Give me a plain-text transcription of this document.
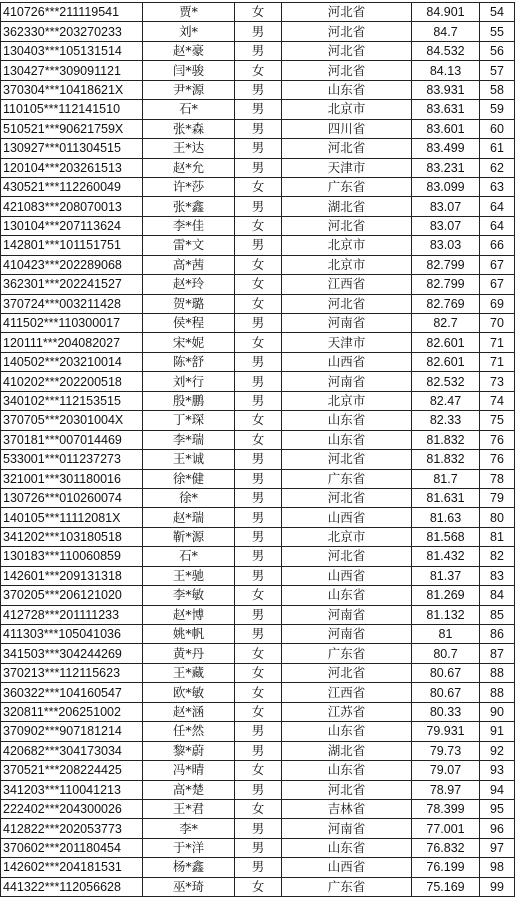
410726***211119541	贾*	女	河北省	84.901	54
362330***203270233	刘*	男	河北省	84.7	55
130403***105131514	赵*豪	男	河北省	84.532	56
130427***309091121	闫*骏	女	河北省	84.13	57
370304***10418621X	尹*源	男	山东省	83.931	58
110105***112141510	石*	男	北京市	83.631	59
510521***90621759X	张*森	男	四川省	83.601	60
130927***011304515	王*达	男	河北省	83.499	61
120104***203261513	赵*允	男	天津市	83.231	62
430521***112260049	许*莎	女	广东省	83.099	63
421083***208070013	张*鑫	男	湖北省	83.07	64
130104***207113624	李*佳	女	河北省	83.07	64
142801***101151751	雷*文	男	北京市	83.03	66
410423***202289068	高*茜	女	北京市	82.799	67
362301***202241527	赵*玲	女	江西省	82.799	67
370724***003211428	贺*璐	女	河北省	82.769	69
411502***110300017	侯*程	男	河南省	82.7	70
120111***204082027	宋*妮	女	天津市	82.601	71
140502***203210014	陈*舒	男	山西省	82.601	71
410202***202200518	刘*行	男	河南省	82.532	73
340102***112153515	殷*鹏	男	北京市	82.47	74
370705***20301004X	丁*琛	女	山东省	82.33	75
370181***007014469	李*瑞	女	山东省	81.832	76
533001***011237273	王*诚	男	河北省	81.832	76
321001***301180016	徐*健	男	广东省	81.7	78
130726***010260074	徐*	男	河北省	81.631	79
140105***11112081X	赵*瑞	男	山西省	81.63	80
341202***103180518	靳*源	男	北京市	81.568	81
130183***110060859	石*	男	河北省	81.432	82
142601***209131318	王*驰	男	山西省	81.37	83
370205***206121020	李*敏	女	山东省	81.269	84
412728***201111233	赵*博	男	河南省	81.132	85
411303***105041036	姚*帆	男	河南省	81	86
341503***304244269	黄*丹	女	广东省	80.7	87
370213***112115623	王*藏	女	河北省	80.67	88
360322***104160547	欧*敏	女	江西省	80.67	88
320811***206251002	赵*涵	女	江苏省	80.33	90
370902***907181214	任*然	男	山东省	79.931	91
420682***304173034	黎*蔚	男	湖北省	79.73	92
370521***208224425	冯*晴	女	山东省	79.07	93
341203***110041213	高*楚	男	河北省	78.97	94
222402***204300026	王*君	女	吉林省	78.399	95
412822***202053773	李*	男	河南省	77.001	96
370602***201180454	于*洋	男	山东省	76.832	97
142602***204181531	杨*鑫	男	山西省	76.199	98
441322***112056628	巫*琦	女	广东省	75.169	99
